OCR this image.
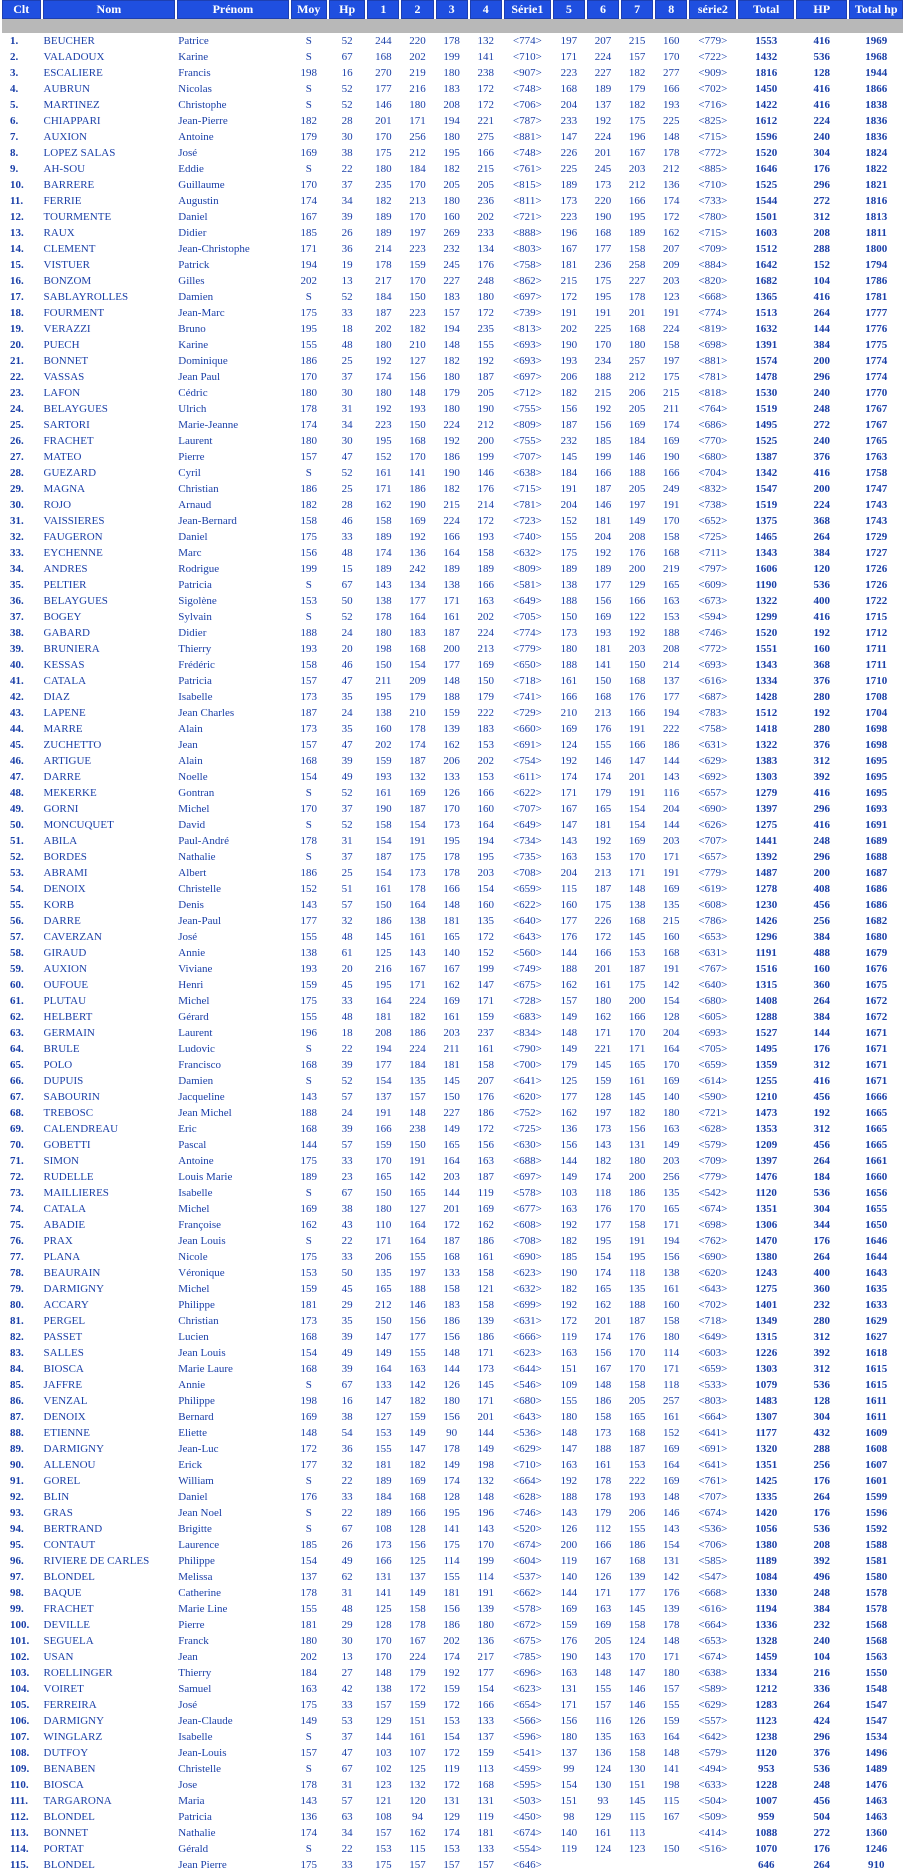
Clt	Nom	Prénom	Moy	Hp	1	2	3	4	Série1	5	6	7	8	série2	Total	HP	Total hp

1.	BEUCHER	Patrice	S	52	244	220	178	132	<774>	197	207	215	160	<779>	1553	416	1969
2.	VALADOUX	Karine	S	67	168	202	199	141	<710>	171	224	157	170	<722>	1432	536	1968
3.	ESCALIERE	Francis	198	16	270	219	180	238	<907>	223	227	182	277	<909>	1816	128	1944
4.	AUBRUN	Nicolas	S	52	177	216	183	172	<748>	168	189	179	166	<702>	1450	416	1866
5.	MARTINEZ	Christophe	S	52	146	180	208	172	<706>	204	137	182	193	<716>	1422	416	1838
6.	CHIAPPARI	Jean-Pierre	182	28	201	171	194	221	<787>	233	192	175	225	<825>	1612	224	1836
7.	AUXION	Antoine	179	30	170	256	180	275	<881>	147	224	196	148	<715>	1596	240	1836
8.	LOPEZ SALAS	José	169	38	175	212	195	166	<748>	226	201	167	178	<772>	1520	304	1824
9.	AH-SOU	Eddie	S	22	180	184	182	215	<761>	225	245	203	212	<885>	1646	176	1822
10.	BARRERE	Guillaume	170	37	235	170	205	205	<815>	189	173	212	136	<710>	1525	296	1821
11.	FERRIE	Augustin	174	34	182	213	180	236	<811>	173	220	166	174	<733>	1544	272	1816
12.	TOURMENTE	Daniel	167	39	189	170	160	202	<721>	223	190	195	172	<780>	1501	312	1813
13.	RAUX	Didier	185	26	189	197	269	233	<888>	196	168	189	162	<715>	1603	208	1811
14.	CLEMENT	Jean-Christophe	171	36	214	223	232	134	<803>	167	177	158	207	<709>	1512	288	1800
15.	VISTUER	Patrick	194	19	178	159	245	176	<758>	181	236	258	209	<884>	1642	152	1794
16.	BONZOM	Gilles	202	13	217	170	227	248	<862>	215	175	227	203	<820>	1682	104	1786
17.	SABLAYROLLES	Damien	S	52	184	150	183	180	<697>	172	195	178	123	<668>	1365	416	1781
18.	FOURMENT	Jean-Marc	175	33	187	223	157	172	<739>	191	191	201	191	<774>	1513	264	1777
19.	VERAZZI	Bruno	195	18	202	182	194	235	<813>	202	225	168	224	<819>	1632	144	1776
20.	PUECH	Karine	155	48	180	210	148	155	<693>	190	170	180	158	<698>	1391	384	1775
21.	BONNET	Dominique	186	25	192	127	182	192	<693>	193	234	257	197	<881>	1574	200	1774
22.	VASSAS	Jean Paul	170	37	174	156	180	187	<697>	206	188	212	175	<781>	1478	296	1774
23.	LAFON	Cédric	180	30	180	148	179	205	<712>	182	215	206	215	<818>	1530	240	1770
24.	BELAYGUES	Ulrich	178	31	192	193	180	190	<755>	156	192	205	211	<764>	1519	248	1767
25.	SARTORI	Marie-Jeanne	174	34	223	150	224	212	<809>	187	156	169	174	<686>	1495	272	1767
26.	FRACHET	Laurent	180	30	195	168	192	200	<755>	232	185	184	169	<770>	1525	240	1765
27.	MATEO	Pierre	157	47	152	170	186	199	<707>	145	199	146	190	<680>	1387	376	1763
28.	GUEZARD	Cyril	S	52	161	141	190	146	<638>	184	166	188	166	<704>	1342	416	1758
29.	MAGNA	Christian	186	25	171	186	182	176	<715>	191	187	205	249	<832>	1547	200	1747
30.	ROJO	Arnaud	182	28	162	190	215	214	<781>	204	146	197	191	<738>	1519	224	1743
31.	VAISSIERES	Jean-Bernard	158	46	158	169	224	172	<723>	152	181	149	170	<652>	1375	368	1743
32.	FAUGERON	Daniel	175	33	189	192	166	193	<740>	155	204	208	158	<725>	1465	264	1729
33.	EYCHENNE	Marc	156	48	174	136	164	158	<632>	175	192	176	168	<711>	1343	384	1727
34.	ANDRES	Rodrigue	199	15	189	242	189	189	<809>	189	189	200	219	<797>	1606	120	1726
35.	PELTIER	Patricia	S	67	143	134	138	166	<581>	138	177	129	165	<609>	1190	536	1726
36.	BELAYGUES	Sigolène	153	50	138	177	171	163	<649>	188	156	166	163	<673>	1322	400	1722
37.	BOGEY	Sylvain	S	52	178	164	161	202	<705>	150	169	122	153	<594>	1299	416	1715
38.	GABARD	Didier	188	24	180	183	187	224	<774>	173	193	192	188	<746>	1520	192	1712
39.	BRUNIERA	Thierry	193	20	198	168	200	213	<779>	180	181	203	208	<772>	1551	160	1711
40.	KESSAS	Frédéric	158	46	150	154	177	169	<650>	188	141	150	214	<693>	1343	368	1711
41.	CATALA	Patricia	157	47	211	209	148	150	<718>	161	150	168	137	<616>	1334	376	1710
42.	DIAZ	Isabelle	173	35	195	179	188	179	<741>	166	168	176	177	<687>	1428	280	1708
43.	LAPENE	Jean Charles	187	24	138	210	159	222	<729>	210	213	166	194	<783>	1512	192	1704
44.	MARRE	Alain	173	35	160	178	139	183	<660>	169	176	191	222	<758>	1418	280	1698
45.	ZUCHETTO	Jean	157	47	202	174	162	153	<691>	124	155	166	186	<631>	1322	376	1698
46.	ARTIGUE	Alain	168	39	159	187	206	202	<754>	192	146	147	144	<629>	1383	312	1695
47.	DARRE	Noelle	154	49	193	132	133	153	<611>	174	174	201	143	<692>	1303	392	1695
48.	MEKERKE	Gontran	S	52	161	169	126	166	<622>	171	179	191	116	<657>	1279	416	1695
49.	GORNI	Michel	170	37	190	187	170	160	<707>	167	165	154	204	<690>	1397	296	1693
50.	MONCUQUET	David	S	52	158	154	173	164	<649>	147	181	154	144	<626>	1275	416	1691
51.	ABILA	Paul-André	178	31	154	191	195	194	<734>	143	192	169	203	<707>	1441	248	1689
52.	BORDES	Nathalie	S	37	187	175	178	195	<735>	163	153	170	171	<657>	1392	296	1688
53.	ABRAMI	Albert	186	25	154	173	178	203	<708>	204	213	171	191	<779>	1487	200	1687
54.	DENOIX	Christelle	152	51	161	178	166	154	<659>	115	187	148	169	<619>	1278	408	1686
55.	KORB	Denis	143	57	150	164	148	160	<622>	160	175	138	135	<608>	1230	456	1686
56.	DARRE	Jean-Paul	177	32	186	138	181	135	<640>	177	226	168	215	<786>	1426	256	1682
57.	CAVERZAN	José	155	48	145	161	165	172	<643>	176	172	145	160	<653>	1296	384	1680
58.	GIRAUD	Annie	138	61	125	143	140	152	<560>	144	166	153	168	<631>	1191	488	1679
59.	AUXION	Viviane	193	20	216	167	167	199	<749>	188	201	187	191	<767>	1516	160	1676
60.	OUFOUE	Henri	159	45	195	171	162	147	<675>	162	161	175	142	<640>	1315	360	1675
61.	PLUTAU	Michel	175	33	164	224	169	171	<728>	157	180	200	154	<680>	1408	264	1672
62.	HELBERT	Gérard	155	48	181	182	161	159	<683>	149	162	166	128	<605>	1288	384	1672
63.	GERMAIN	Laurent	196	18	208	186	203	237	<834>	148	171	170	204	<693>	1527	144	1671
64.	BRULE	Ludovic	S	22	194	224	211	161	<790>	149	221	171	164	<705>	1495	176	1671
65.	POLO	Francisco	168	39	177	184	181	158	<700>	179	145	165	170	<659>	1359	312	1671
66.	DUPUIS	Damien	S	52	154	135	145	207	<641>	125	159	161	169	<614>	1255	416	1671
67.	SABOURIN	Jacqueline	143	57	137	157	150	176	<620>	177	128	145	140	<590>	1210	456	1666
68.	TREBOSC	Jean Michel	188	24	191	148	227	186	<752>	162	197	182	180	<721>	1473	192	1665
69.	CALENDREAU	Eric	168	39	166	238	149	172	<725>	136	173	156	163	<628>	1353	312	1665
70.	GOBETTI	Pascal	144	57	159	150	165	156	<630>	156	143	131	149	<579>	1209	456	1665
71.	SIMON	Antoine	175	33	170	191	164	163	<688>	144	182	180	203	<709>	1397	264	1661
72.	RUDELLE	Louis Marie	189	23	165	142	203	187	<697>	149	174	200	256	<779>	1476	184	1660
73.	MAILLIERES	Isabelle	S	67	150	165	144	119	<578>	103	118	186	135	<542>	1120	536	1656
74.	CATALA	Michel	169	38	180	127	201	169	<677>	163	176	170	165	<674>	1351	304	1655
75.	ABADIE	Françoise	162	43	110	164	172	162	<608>	192	177	158	171	<698>	1306	344	1650
76.	PRAX	Jean Louis	S	22	171	164	187	186	<708>	182	195	191	194	<762>	1470	176	1646
77.	PLANA	Nicole	175	33	206	155	168	161	<690>	185	154	195	156	<690>	1380	264	1644
78.	BEAURAIN	Véronique	153	50	135	197	133	158	<623>	190	174	118	138	<620>	1243	400	1643
79.	DARMIGNY	Michel	159	45	165	188	158	121	<632>	182	165	135	161	<643>	1275	360	1635
80.	ACCARY	Philippe	181	29	212	146	183	158	<699>	192	162	188	160	<702>	1401	232	1633
81.	PERGEL	Christian	173	35	150	156	186	139	<631>	172	201	187	158	<718>	1349	280	1629
82.	PASSET	Lucien	168	39	147	177	156	186	<666>	119	174	176	180	<649>	1315	312	1627
83.	SALLES	Jean Louis	154	49	149	155	148	171	<623>	163	156	170	114	<603>	1226	392	1618
84.	BIOSCA	Marie Laure	168	39	164	163	144	173	<644>	151	167	170	171	<659>	1303	312	1615
85.	JAFFRE	Annie	S	67	133	142	126	145	<546>	109	148	158	118	<533>	1079	536	1615
86.	VENZAL	Philippe	198	16	147	182	180	171	<680>	155	186	205	257	<803>	1483	128	1611
87.	DENOIX	Bernard	169	38	127	159	156	201	<643>	180	158	165	161	<664>	1307	304	1611
88.	ETIENNE	Eliette	148	54	153	149	90	144	<536>	148	173	168	152	<641>	1177	432	1609
89.	DARMIGNY	Jean-Luc	172	36	155	147	178	149	<629>	147	188	187	169	<691>	1320	288	1608
90.	ALLENOU	Erick	177	32	181	182	149	198	<710>	163	161	153	164	<641>	1351	256	1607
91.	GOREL	William	S	22	189	169	174	132	<664>	192	178	222	169	<761>	1425	176	1601
92.	BLIN	Daniel	176	33	184	168	128	148	<628>	188	178	193	148	<707>	1335	264	1599
93.	GRAS	Jean Noel	S	22	189	166	195	196	<746>	143	179	206	146	<674>	1420	176	1596
94.	BERTRAND	Brigitte	S	67	108	128	141	143	<520>	126	112	155	143	<536>	1056	536	1592
95.	CONTAUT	Laurence	185	26	173	156	175	170	<674>	200	166	186	154	<706>	1380	208	1588
96.	RIVIERE DE CARLES	Philippe	154	49	166	125	114	199	<604>	119	167	168	131	<585>	1189	392	1581
97.	BLONDEL	Melissa	137	62	131	137	155	114	<537>	140	126	139	142	<547>	1084	496	1580
98.	BAQUE	Catherine	178	31	141	149	181	191	<662>	144	171	177	176	<668>	1330	248	1578
99.	FRACHET	Marie Line	155	48	125	158	156	139	<578>	169	163	145	139	<616>	1194	384	1578
100.	DEVILLE	Pierre	181	29	128	178	186	180	<672>	159	169	158	178	<664>	1336	232	1568
101.	SEGUELA	Franck	180	30	170	167	202	136	<675>	176	205	124	148	<653>	1328	240	1568
102.	USAN	Jean	202	13	170	224	174	217	<785>	190	143	170	171	<674>	1459	104	1563
103.	ROELLINGER	Thierry	184	27	148	179	192	177	<696>	163	148	147	180	<638>	1334	216	1550
104.	VOIRET	Samuel	163	42	138	172	159	154	<623>	131	155	146	157	<589>	1212	336	1548
105.	FERREIRA	José	175	33	157	159	172	166	<654>	171	157	146	155	<629>	1283	264	1547
106.	DARMIGNY	Jean-Claude	149	53	129	151	153	133	<566>	156	116	126	159	<557>	1123	424	1547
107.	WINGLARZ	Isabelle	S	37	144	161	154	137	<596>	180	135	163	164	<642>	1238	296	1534
108.	DUTFOY	Jean-Louis	157	47	103	107	172	159	<541>	137	136	158	148	<579>	1120	376	1496
109.	BENABEN	Christelle	S	67	102	125	119	113	<459>	99	124	130	141	<494>	953	536	1489
110.	BIOSCA	Jose	178	31	123	132	172	168	<595>	154	130	151	198	<633>	1228	248	1476
111.	TARGARONA	Maria	143	57	121	120	131	131	<503>	151	93	145	115	<504>	1007	456	1463
112.	BLONDEL	Patricia	136	63	108	94	129	119	<450>	98	129	115	167	<509>	959	504	1463
113.	BONNET	Nathalie	174	34	157	162	174	181	<674>	140	161	113		<414>	1088	272	1360
114.	PORTAT	Gérald	S	22	153	115	153	133	<554>	119	124	123	150	<516>	1070	176	1246
115.	BLONDEL	Jean Pierre	175	33	175	157	157	157	<646>						646	264	910
